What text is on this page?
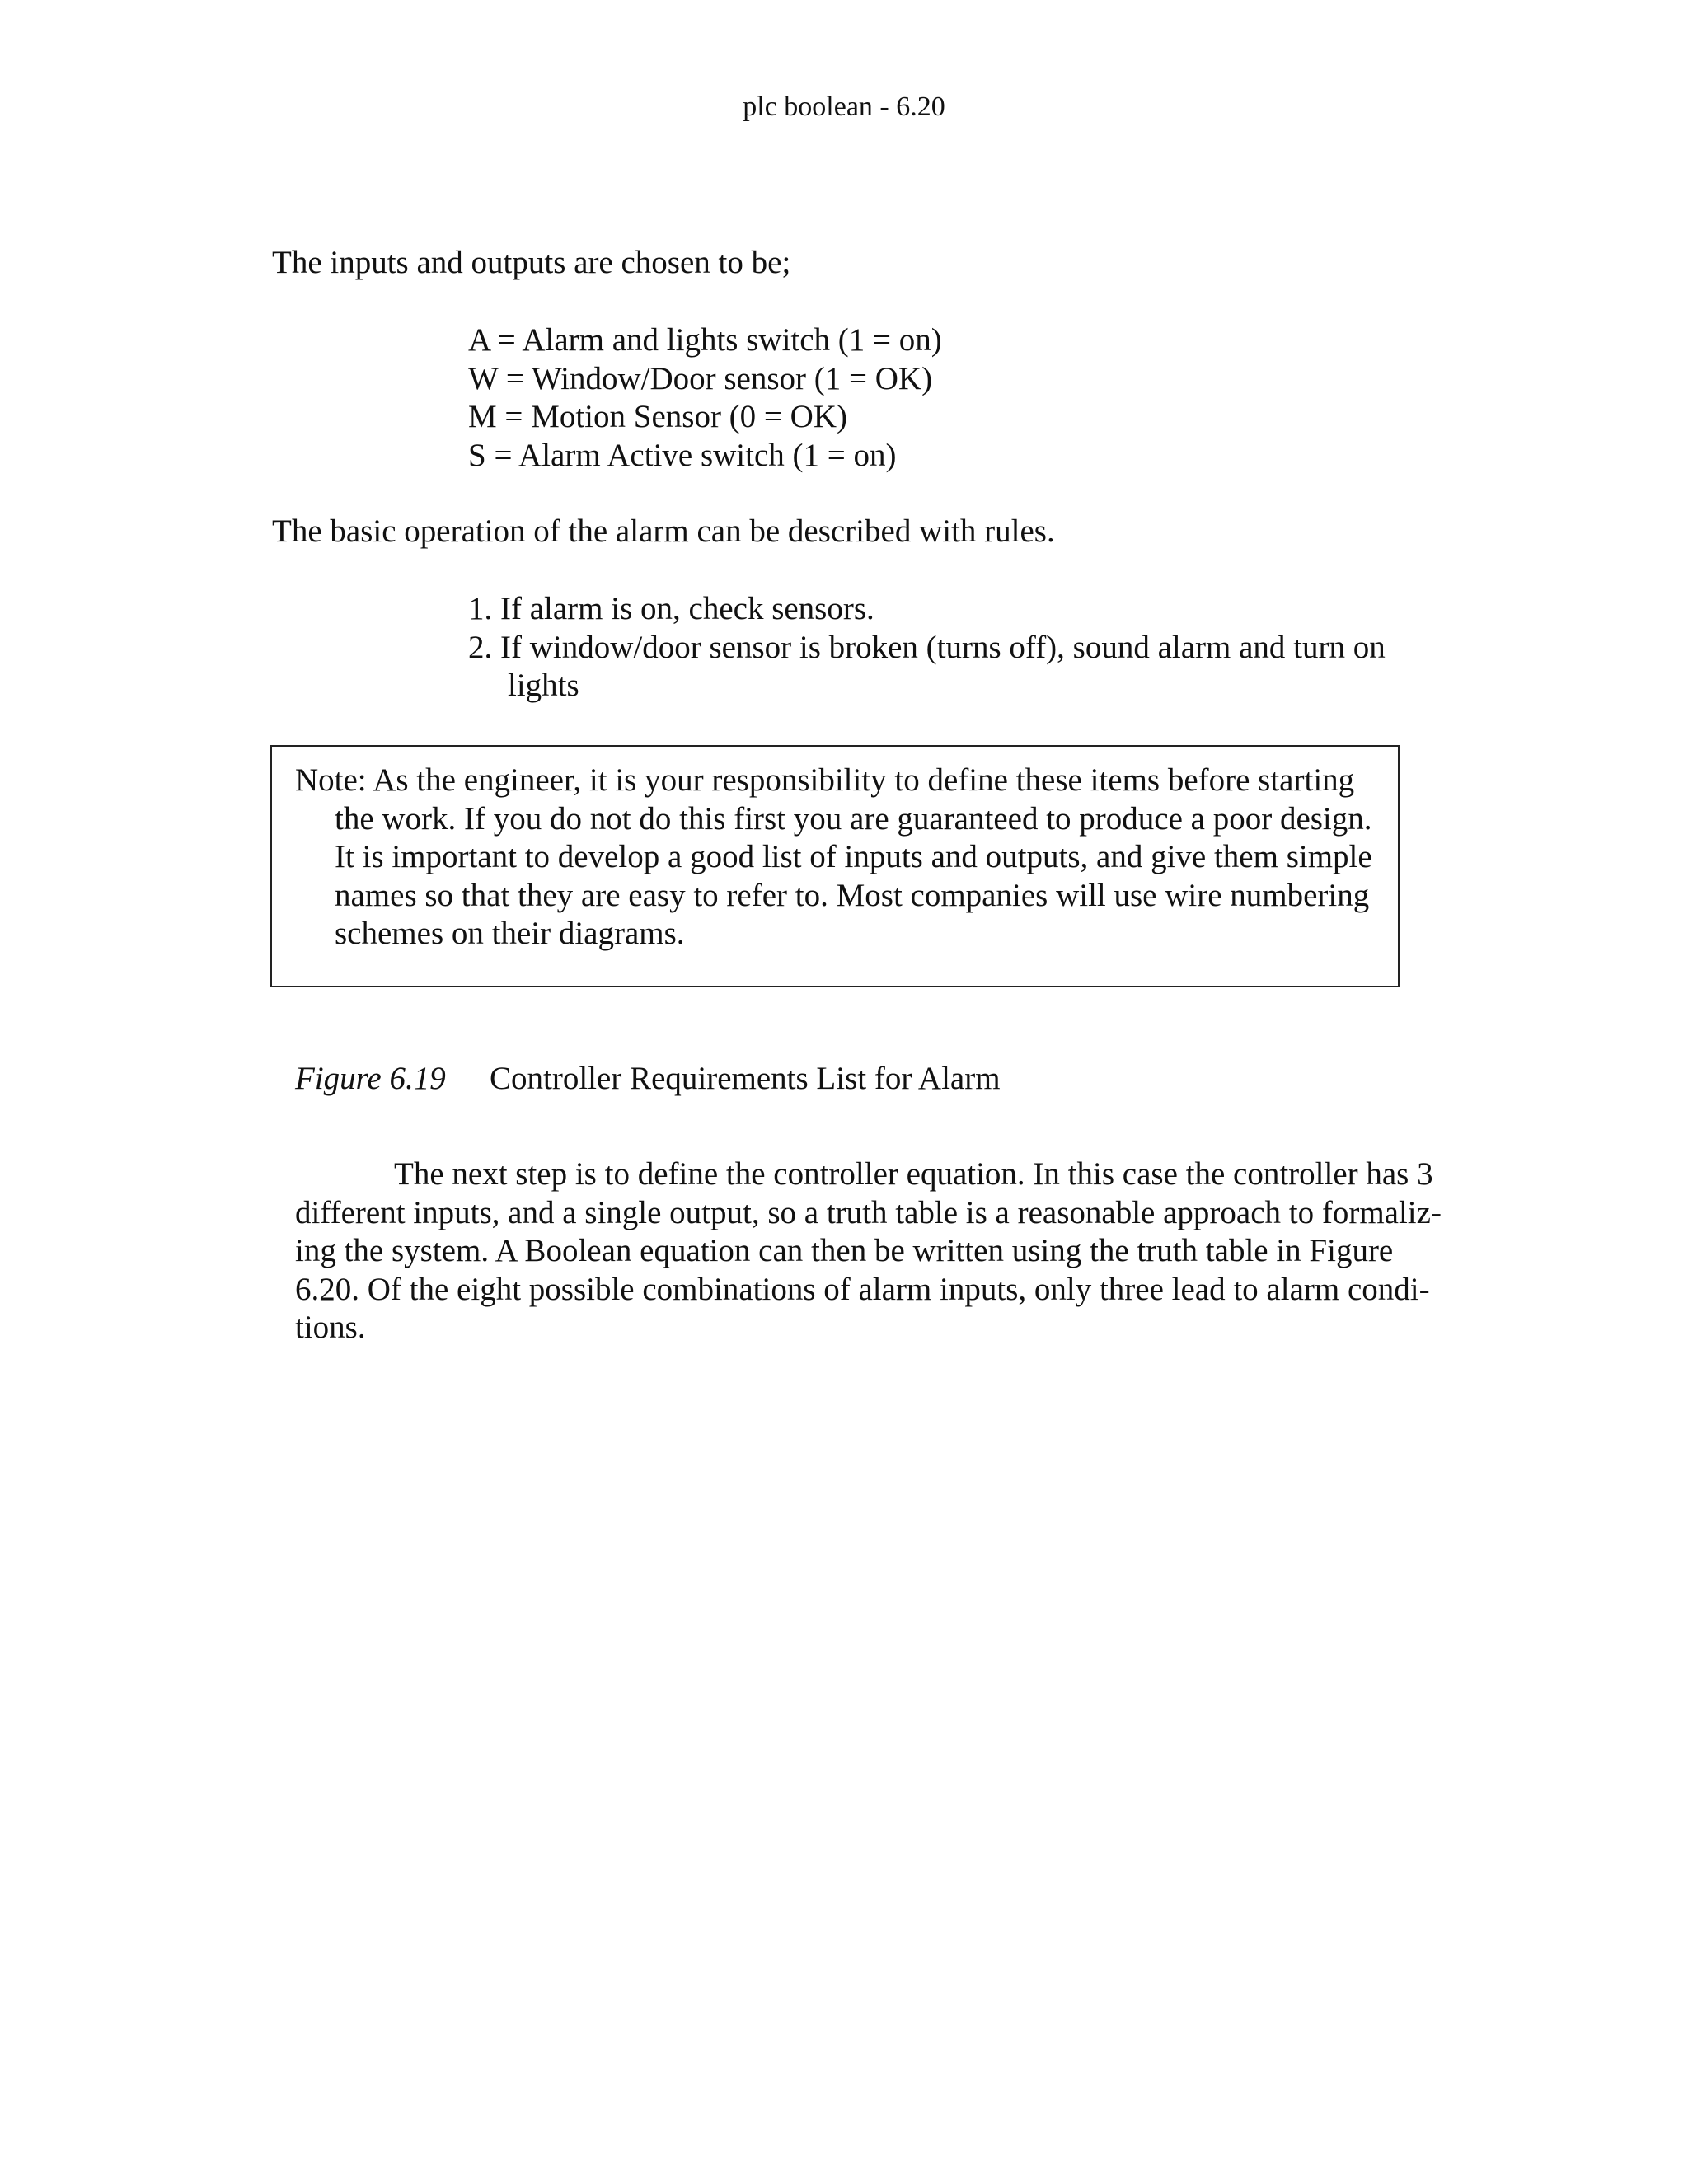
plc boolean - 6.20
The inputs and outputs are chosen to be;
A = Alarm and lights switch (1 = on)
W = Window/Door sensor (1 = OK)
M = Motion Sensor (0 = OK)
S = Alarm Active switch (1 = on)
The basic operation of the alarm can be described with rules.
1. If alarm is on, check sensors.
2. If window/door sensor is broken (turns off), sound alarm and turn on lights
Note: As the engineer, it is your responsibility to define these items before starting the work. If you do not do this first you are guaranteed to produce a poor design. It is important to develop a good list of inputs and outputs, and give them simple names so that they are easy to refer to. Most companies will use wire numbering schemes on their diagrams.
Figure 6.19 Controller Requirements List for Alarm
The next step is to define the controller equation. In this case the controller has 3
different inputs, and a single output, so a truth table is a reasonable approach to formaliz-
ing the system. A Boolean equation can then be written using the truth table in Figure
6.20. Of the eight possible combinations of alarm inputs, only three lead to alarm condi-
tions.
